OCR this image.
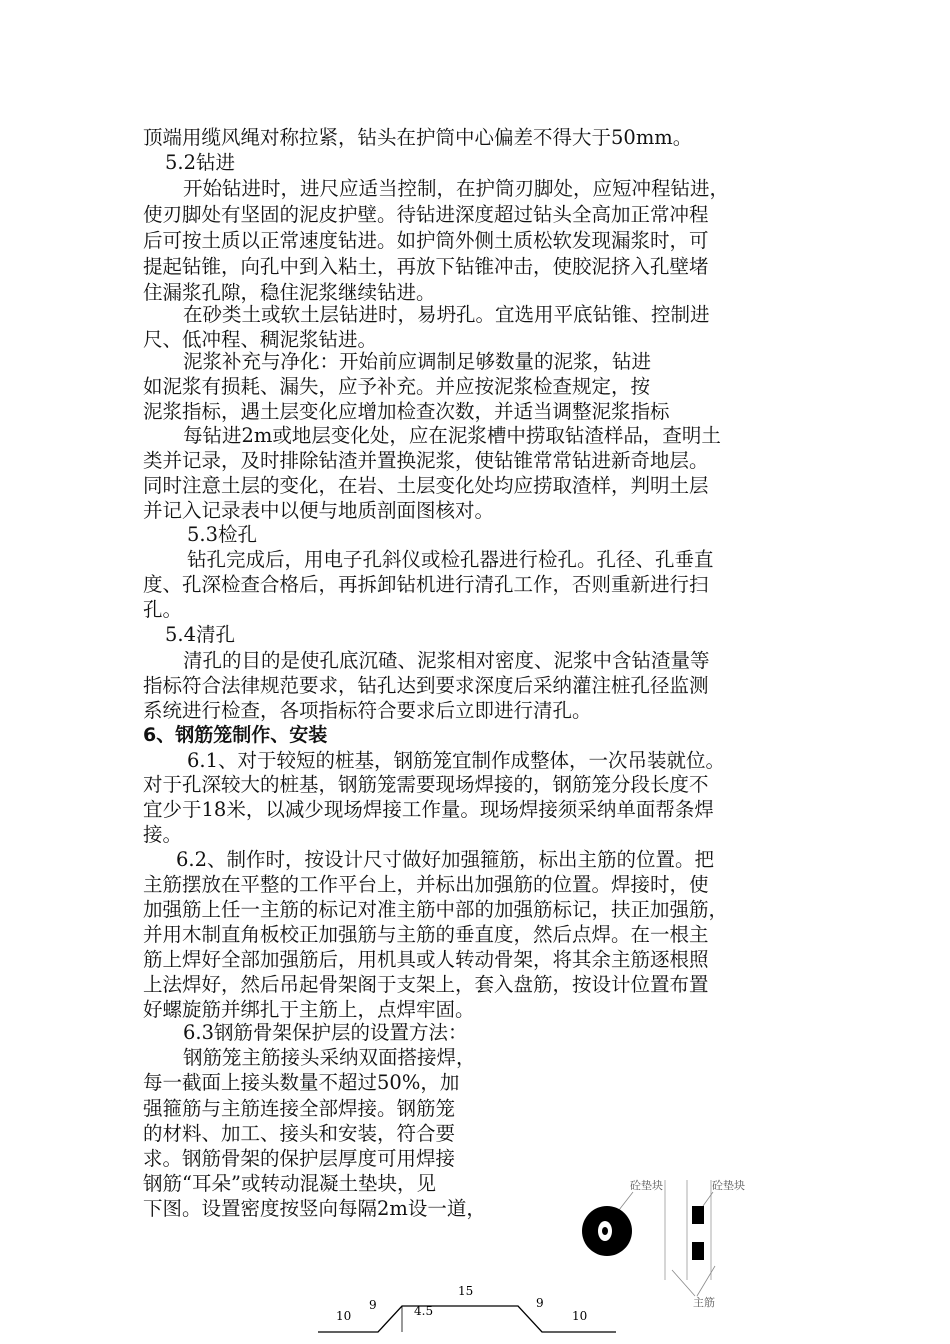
顶端用缆风绳对称拉紧，钻头在护筒中心偏差不得大于50mm。
5.2钻进
开始钻进时，进尺应适当控制，在护筒刃脚处，应短冲程钻进，
使刃脚处有坚固的泥皮护壁。待钻进深度超过钻头全高加正常冲程
后可按土质以正常速度钻进。如护筒外侧土质松软发现漏浆时，可
提起钻锥，向孔中到入粘土，再放下钻锥冲击，使胶泥挤入孔壁堵
住漏浆孔隙，稳住泥浆继续钻进。
在砂类土或软土层钻进时，易坍孔。宜选用平底钻锥、控制进
尺、低冲程、稠泥浆钻进。
泥浆补充与净化：开始前应调制足够数量的泥浆，钻进
如泥浆有损耗、漏失，应予补充。并应按泥浆检查规定，按
泥浆指标，遇土层变化应增加检查次数，并适当调整泥浆指标
每钻进2m或地层变化处，应在泥浆槽中捞取钻渣样品，查明土
类并记录，及时排除钻渣并置换泥浆，使钻锥常常钻进新奇地层。
同时注意土层的变化，在岩、土层变化处均应捞取渣样，判明土层
并记入记录表中以便与地质剖面图核对。
5.3检孔
钻孔完成后，用电子孔斜仪或检孔器进行检孔。孔径、孔垂直
度、孔深检查合格后，再拆卸钻机进行清孔工作，否则重新进行扫
孔。
5.4清孔
清孔的目的是使孔底沉碴、泥浆相对密度、泥浆中含钻渣量等
指标符合法律规范要求，钻孔达到要求深度后采纳灌注桩孔径监测
系统进行检查，各项指标符合要求后立即进行清孔。
6、钢筋笼制作、安装
6.1、对于较短的桩基，钢筋笼宜制作成整体，一次吊装就位。
对于孔深较大的桩基，钢筋笼需要现场焊接的，钢筋笼分段长度不
宜少于18米，以减少现场焊接工作量。现场焊接须采纳单面帮条焊
接。
6.2、制作时，按设计尺寸做好加强箍筋，标出主筋的位置。把
主筋摆放在平整的工作平台上，并标出加强筋的位置。焊接时，使
加强筋上任一主筋的标记对准主筋中部的加强筋标记，扶正加强筋，
并用木制直角板校正加强筋与主筋的垂直度，然后点焊。在一根主
筋上焊好全部加强筋后，用机具或人转动骨架，将其余主筋逐根照
上法焊好，然后吊起骨架阁于支架上，套入盘筋，按设计位置布置
好螺旋筋并绑扎于主筋上，点焊牢固。
6.3钢筋骨架保护层的设置方法：
钢筋笼主筋接头采纳双面搭接焊，
每一截面上接头数量不超过50%，加
强箍筋与主筋连接全部焊接。钢筋笼
的材料、加工、接头和安装，符合要
求。钢筋骨架的保护层厚度可用焊接
钢筋“耳朵”或转动混凝土垫块，见
下图。设置密度按竖向每隔2m设一道，
砼垫块	砼垫块
主筋
10
9	4.5
15
9
10
